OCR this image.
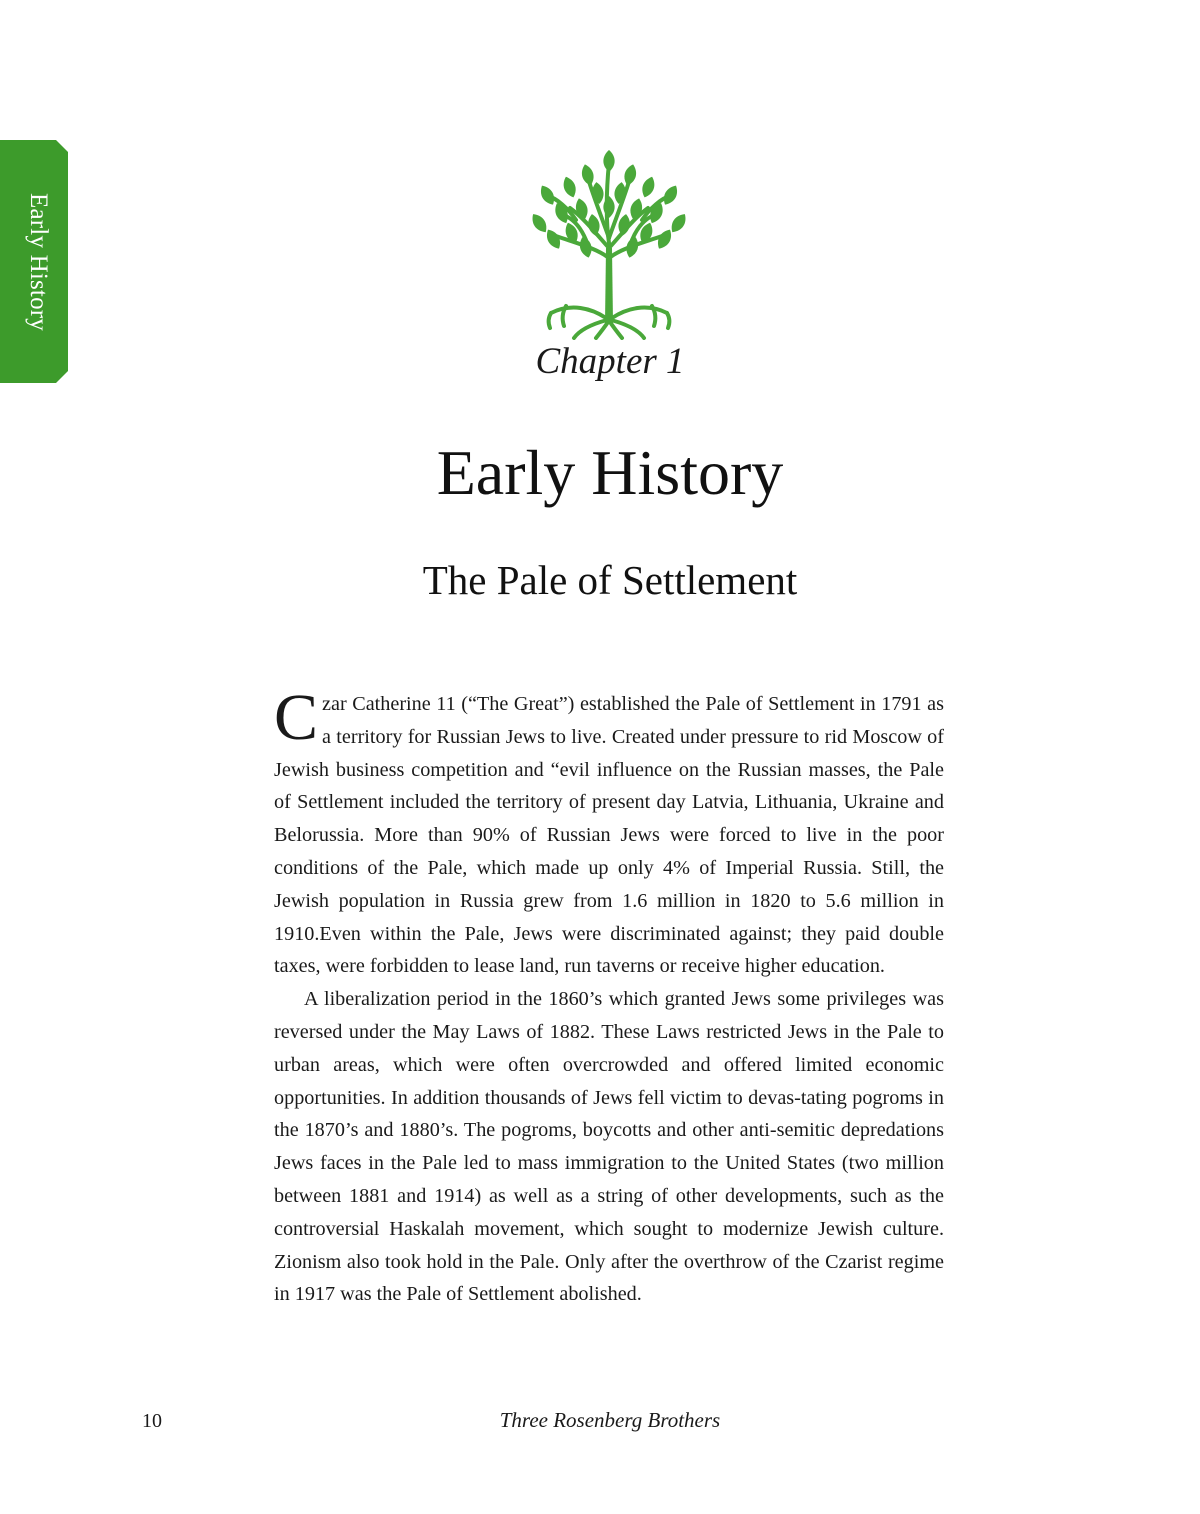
Early History
Chapter 1
Early History
The Pale of Settlement

Czar Catherine 11 (“The Great”) established the Pale of Settlement in 1791 as a territory for Russian Jews to live. Created under pressure to rid Moscow of Jewish business competition and “evil influence on the Russian masses, the Pale of Settlement included the territory of present day Latvia, Lithuania, Ukraine and Belorussia. More than 90% of Russian Jews were forced to live in the poor conditions of the Pale, which made up only 4% of Imperial Russia. Still, the Jewish population in Russia grew from 1.6 million in 1820 to 5.6 million in 1910.Even within the Pale, Jews were discriminated against; they paid double taxes, were forbidden to lease land, run taverns or receive higher education.

A liberalization period in the 1860’s which granted Jews some privileges was reversed under the May Laws of 1882. These Laws restricted Jews in the Pale to urban areas, which were often overcrowded and offered limited economic opportunities. In addition thousands of Jews fell victim to devas-tating pogroms in the 1870’s and 1880’s. The pogroms, boycotts and other anti-semitic depredations Jews faces in the Pale led to mass immigration to the United States (two million between 1881 and 1914) as well as a string of other developments, such as the controversial Haskalah movement, which sought to modernize Jewish culture. Zionism also took hold in the Pale. Only after the overthrow of the Czarist regime in 1917 was the Pale of Settlement abolished.

10	Three Rosenberg Brothers
